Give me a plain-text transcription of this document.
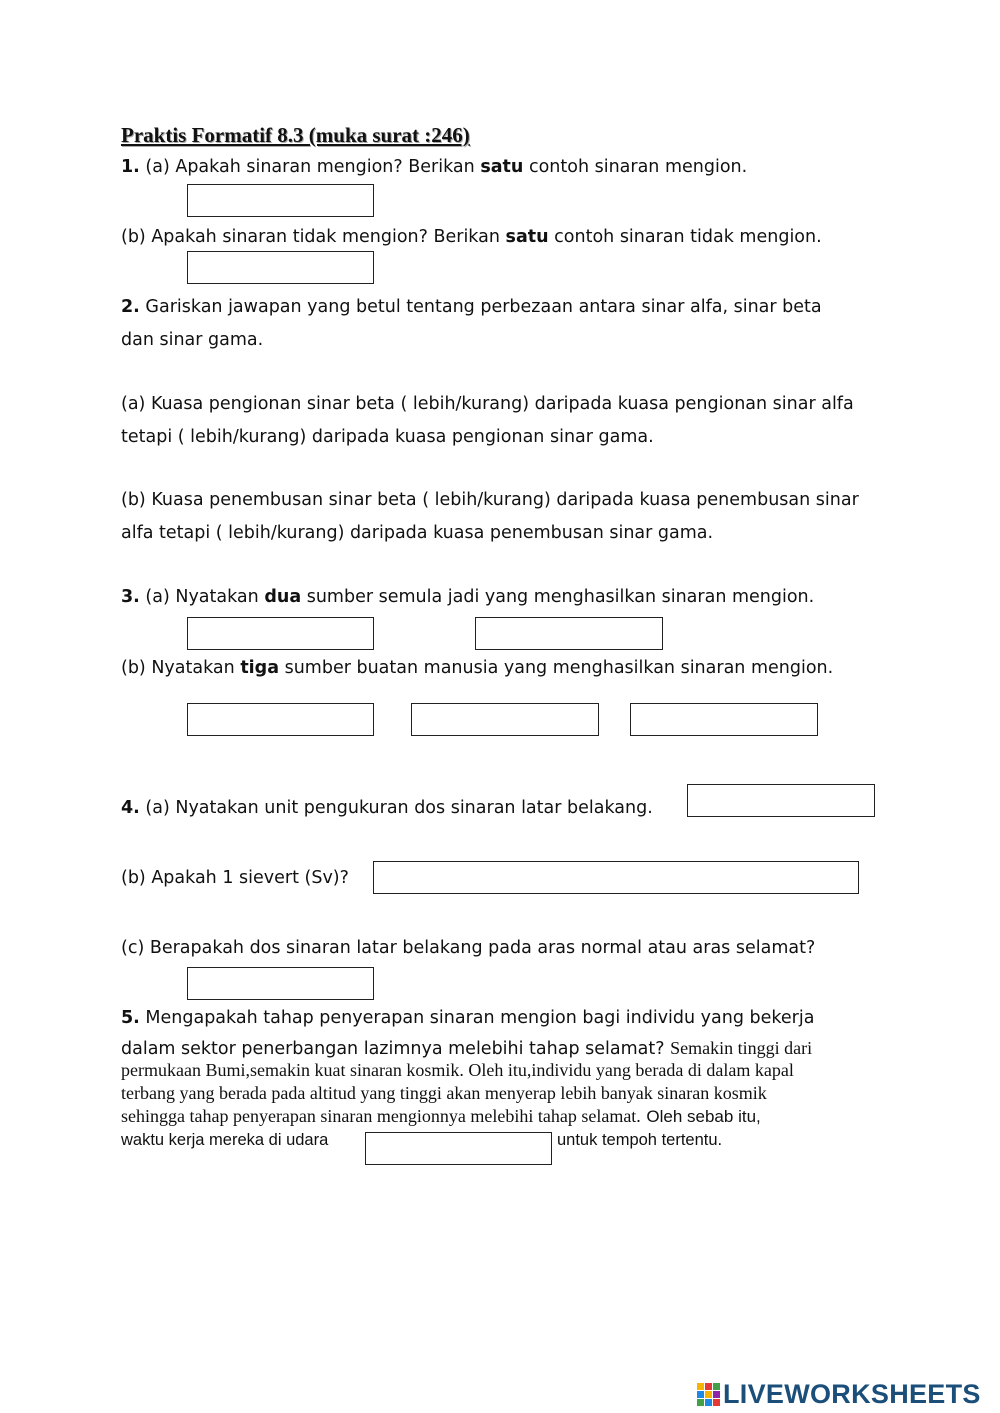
Praktis Formatif 8.3 (muka surat :246)
1. (a) Apakah sinaran mengion? Berikan satu contoh sinaran mengion.
(b) Apakah sinaran tidak mengion? Berikan satu contoh sinaran tidak mengion.
2. Gariskan jawapan yang betul tentang perbezaan antara sinar alfa, sinar beta
dan sinar gama.
(a) Kuasa pengionan sinar beta ( lebih/kurang) daripada kuasa pengionan sinar alfa
tetapi ( lebih/kurang) daripada kuasa pengionan sinar gama.
(b) Kuasa penembusan sinar beta ( lebih/kurang) daripada kuasa penembusan sinar
alfa tetapi ( lebih/kurang) daripada kuasa penembusan sinar gama.
3. (a) Nyatakan dua sumber semula jadi yang menghasilkan sinaran mengion.
(b) Nyatakan tiga sumber buatan manusia yang menghasilkan sinaran mengion.
4. (a) Nyatakan unit pengukuran dos sinaran latar belakang.
(b) Apakah 1 sievert (Sv)?
(c) Berapakah dos sinaran latar belakang pada aras normal atau aras selamat?
5. Mengapakah tahap penyerapan sinaran mengion bagi individu yang bekerja
dalam sektor penerbangan lazimnya melebihi tahap selamat? Semakin tinggi dari
permukaan Bumi,semakin kuat sinaran kosmik. Oleh itu,individu yang berada di dalam kapal
terbang yang berada pada altitud yang tinggi akan menyerap lebih banyak sinaran kosmik
sehingga tahap penyerapan sinaran mengionnya melebihi tahap selamat. Oleh sebab itu,
waktu kerja mereka di udara	untuk tempoh tertentu.
LIVEWORKSHEETS
